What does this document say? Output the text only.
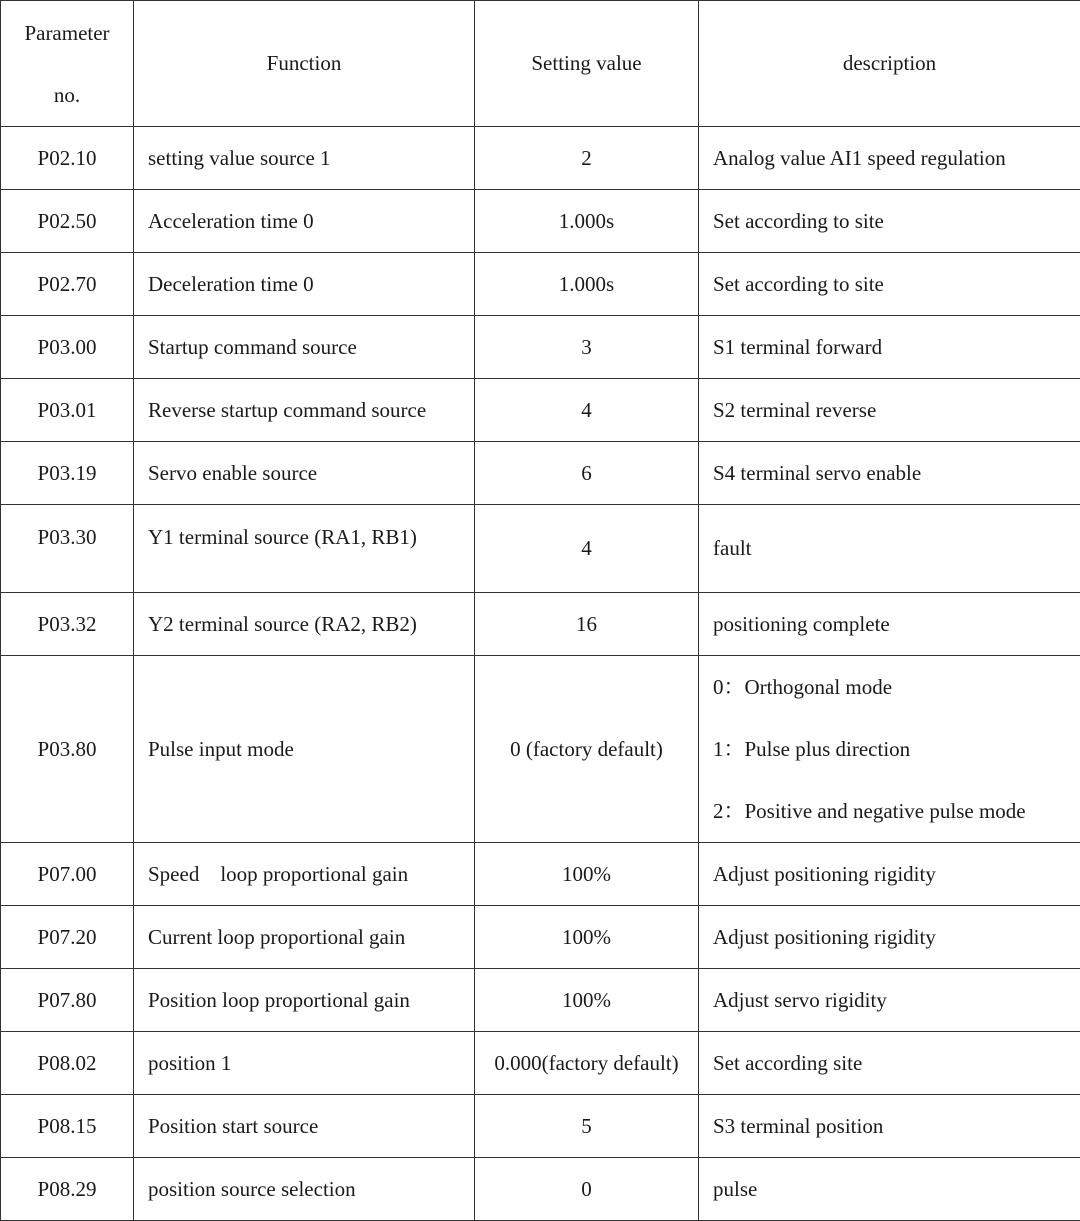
Parameter
no.	Function	Setting value	description
P02.10	setting value source 1	2	Analog value AI1 speed regulation
P02.50	Acceleration time 0	1.000s	Set according to site
P02.70	Deceleration time 0	1.000s	Set according to site
P03.00	Startup command source	3	S1 terminal forward
P03.01	Reverse startup command source	4	S2 terminal reverse
P03.19	Servo enable source	6	S4 terminal servo enable
P03.30	Y1 terminal source (RA1, RB1)	4	fault
P03.32	Y2 terminal source (RA2, RB2)	16	positioning complete
P03.80	Pulse input mode	0 (factory default)	0：Orthogonal mode
1：Pulse plus direction
2：Positive and negative pulse mode

P07.00	Speed    loop proportional gain	100%	Adjust positioning rigidity
P07.20	Current loop proportional gain	100%	Adjust positioning rigidity
P07.80	Position loop proportional gain	100%	Adjust servo rigidity
P08.02	position 1	0.000(factory default)	Set according site
P08.15	Position start source	5	S3 terminal position
P08.29	position source selection	0	pulse
